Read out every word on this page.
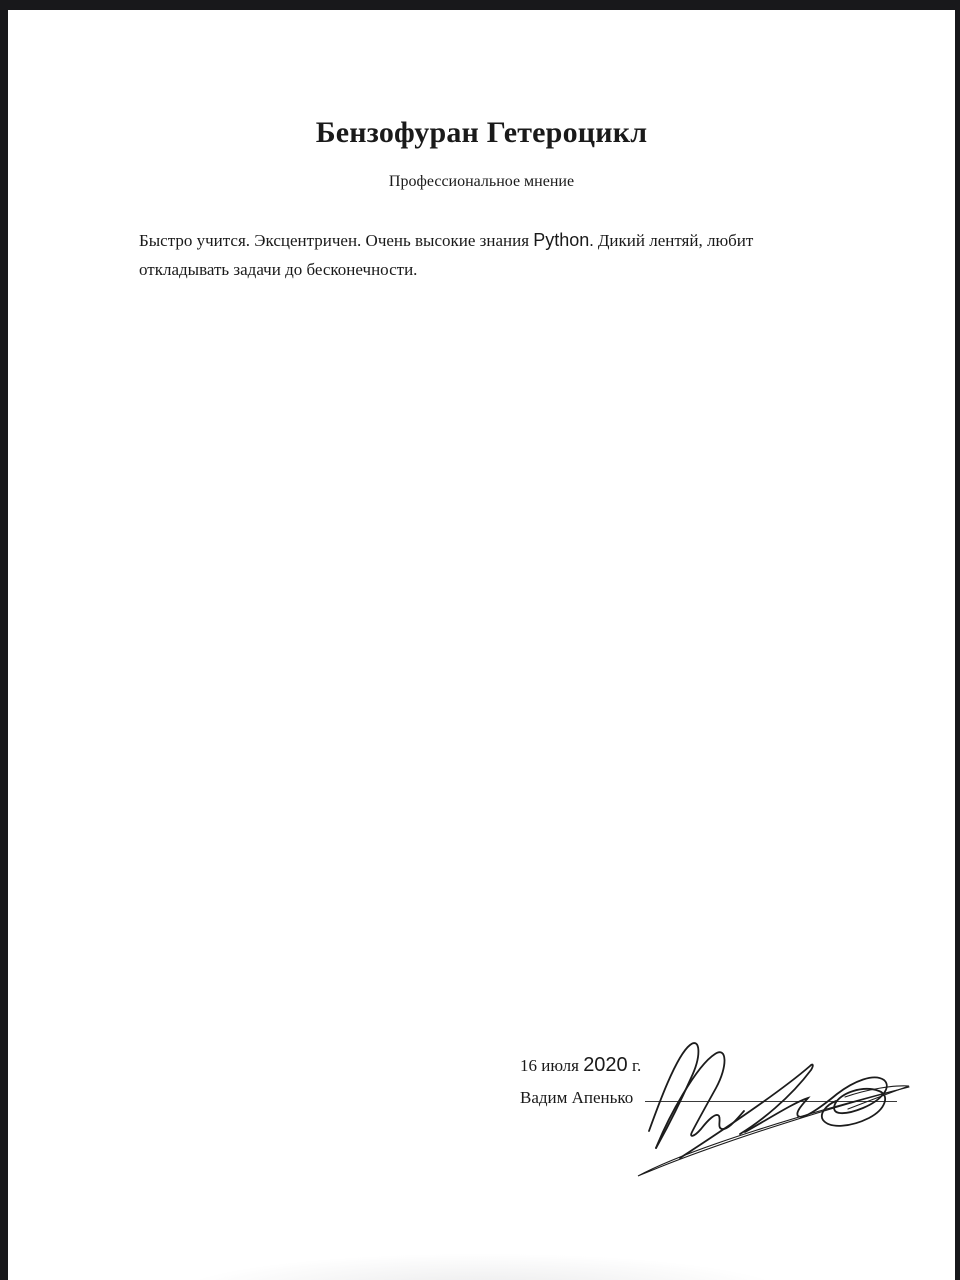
Бензофуран Гетероцикл
Профессиональное мнение
Быстро учится. Эксцентричен. Очень высокие знания Python. Дикий лентяй, любит откладывать задачи до бесконечности.
16 июля 2020 г.
Вадим Апенько
